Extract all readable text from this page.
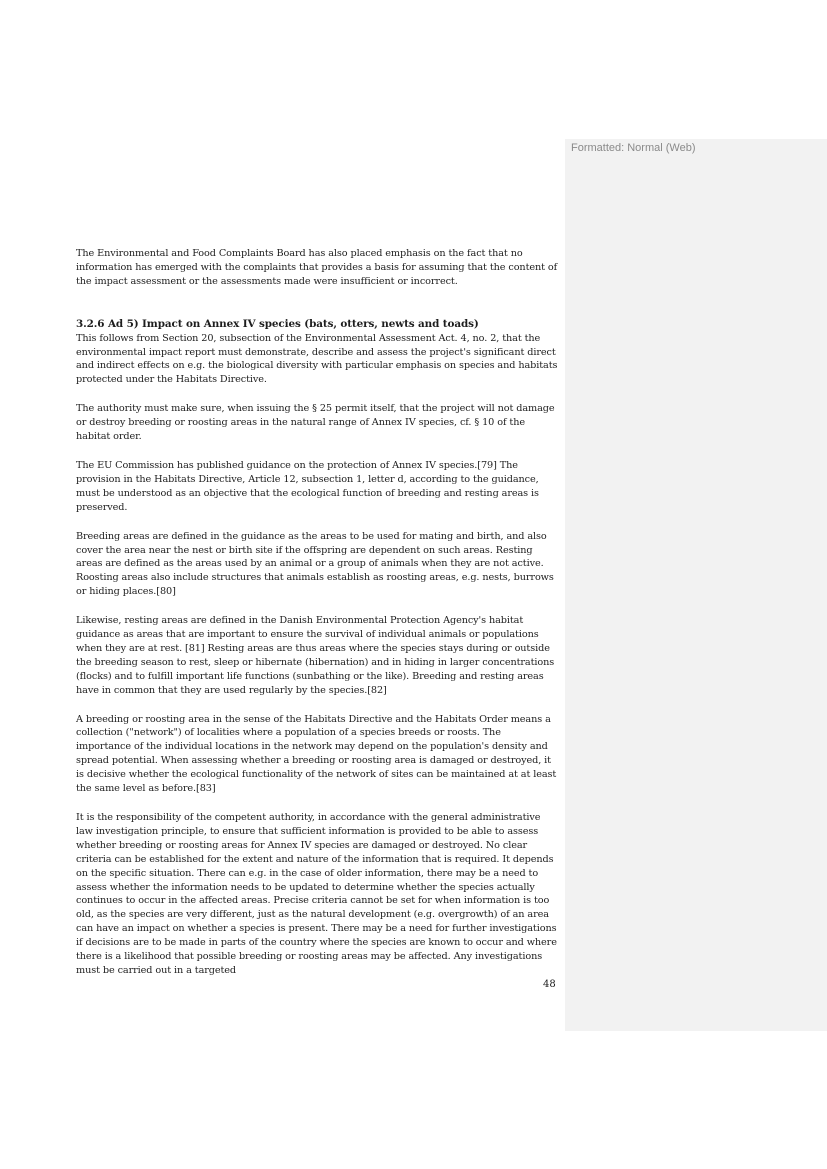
Formatted: Normal (Web)

The Environmental and Food Complaints Board has also placed emphasis on the fact that no information has emerged with the complaints that provides a basis for assuming that the content of the impact assessment or the assessments made were insufficient or incorrect.

3.2.6 Ad 5) Impact on Annex IV species (bats, otters, newts and toads)

This follows from Section 20, subsection of the Environmental Assessment Act. 4, no. 2, that the environmental impact report must demonstrate, describe and assess the project's significant direct and indirect effects on e.g. the biological diversity with particular emphasis on species and habitats protected under the Habitats Directive.

The authority must make sure, when issuing the § 25 permit itself, that the project will not damage or destroy breeding or roosting areas in the natural range of Annex IV species, cf. § 10 of the habitat order.

The EU Commission has published guidance on the protection of Annex IV species.[79] The provision in the Habitats Directive, Article 12, subsection 1, letter d, according to the guidance, must be understood as an objective that the ecological function of breeding and resting areas is preserved.

Breeding areas are defined in the guidance as the areas to be used for mating and birth, and also cover the area near the nest or birth site if the offspring are dependent on such areas. Resting areas are defined as the areas used by an animal or a group of animals when they are not active. Roosting areas also include structures that animals establish as roosting areas, e.g. nests, burrows or hiding places.[80]

Likewise, resting areas are defined in the Danish Environmental Protection Agency's habitat guidance as areas that are important to ensure the survival of individual animals or populations when they are at rest. [81] Resting areas are thus areas where the species stays during or outside the breeding season to rest, sleep or hibernate (hibernation) and in hiding in larger concentrations (flocks) and to fulfill important life functions (sunbathing or the like). Breeding and resting areas have in common that they are used regularly by the species.[82]

A breeding or roosting area in the sense of the Habitats Directive and the Habitats Order means a collection ("network") of localities where a population of a species breeds or roosts. The importance of the individual locations in the network may depend on the population's density and spread potential. When assessing whether a breeding or roosting area is damaged or destroyed, it is decisive whether the ecological functionality of the network of sites can be maintained at at least the same level as before.[83]

It is the responsibility of the competent authority, in accordance with the general administrative law investigation principle, to ensure that sufficient information is provided to be able to assess whether breeding or roosting areas for Annex IV species are damaged or destroyed. No clear criteria can be established for the extent and nature of the information that is required. It depends on the specific situation. There can e.g. in the case of older information, there may be a need to assess whether the information needs to be updated to determine whether the species actually continues to occur in the affected areas. Precise criteria cannot be set for when information is too old, as the species are very different, just as the natural development (e.g. overgrowth) of an area can have an impact on whether a species is present. There may be a need for further investigations if decisions are to be made in parts of the country where the species are known to occur and where there is a likelihood that possible breeding or roosting areas may be affected. Any investigations must be carried out in a targeted

48
